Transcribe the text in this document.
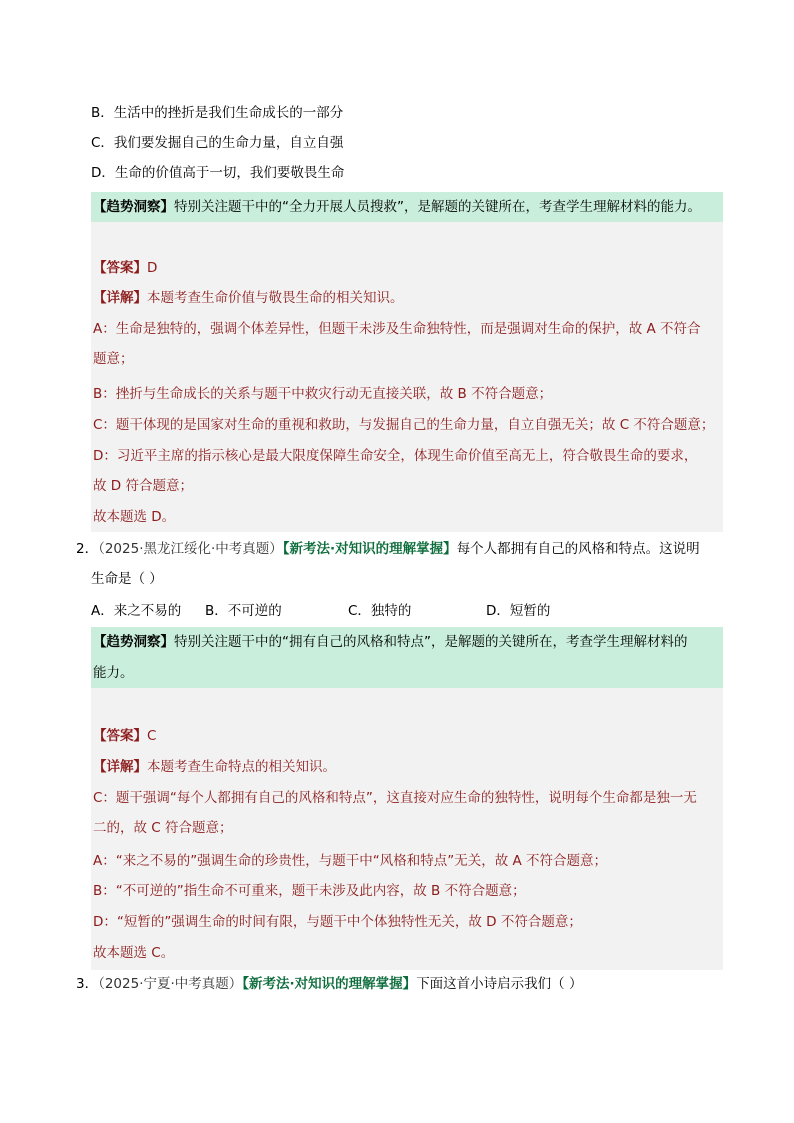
B．生活中的挫折是我们生命成长的一部分
C．我们要发掘自己的生命力量，自立自强
D．生命的价值高于一切，我们要敬畏生命
【趋势洞察】特别关注题干中的“全力开展人员搜救”，是解题的关键所在，考查学生理解材料的能力。
【答案】D
【详解】本题考查生命价值与敬畏生命的相关知识。
A：生命是独特的，强调个体差异性，但题干未涉及生命独特性，而是强调对生命的保护，故 A 不符合
题意；
B：挫折与生命成长的关系与题干中救灾行动无直接关联，故 B 不符合题意；
C：题干体现的是国家对生命的重视和救助，与发掘自己的生命力量，自立自强无关；故 C 不符合题意；
D：习近平主席的指示核心是最大限度保障生命安全，体现生命价值至高无上，符合敬畏生命的要求，
故 D 符合题意；
故本题选 D。
2．（2025·黑龙江绥化·中考真题）【新考法·对知识的理解掌握】每个人都拥有自己的风格和特点。这说明
生命是（ ）
A．来之不易的 B．不可逆的	C．独特的	D．短暂的
【趋势洞察】特别关注题干中的“拥有自己的风格和特点”，是解题的关键所在，考查学生理解材料的
能力。
【答案】C
【详解】本题考查生命特点的相关知识。
C：题干强调“每个人都拥有自己的风格和特点”，这直接对应生命的独特性，说明每个生命都是独一无
二的，故 C 符合题意；
A：“来之不易的”强调生命的珍贵性，与题干中“风格和特点”无关，故 A 不符合题意；
B：“不可逆的”指生命不可重来，题干未涉及此内容，故 B 不符合题意；
D：“短暂的”强调生命的时间有限，与题干中个体独特性无关，故 D 不符合题意；
故本题选 C。
3．（2025·宁夏·中考真题）【新考法·对知识的理解掌握】下面这首小诗启示我们（ ）
